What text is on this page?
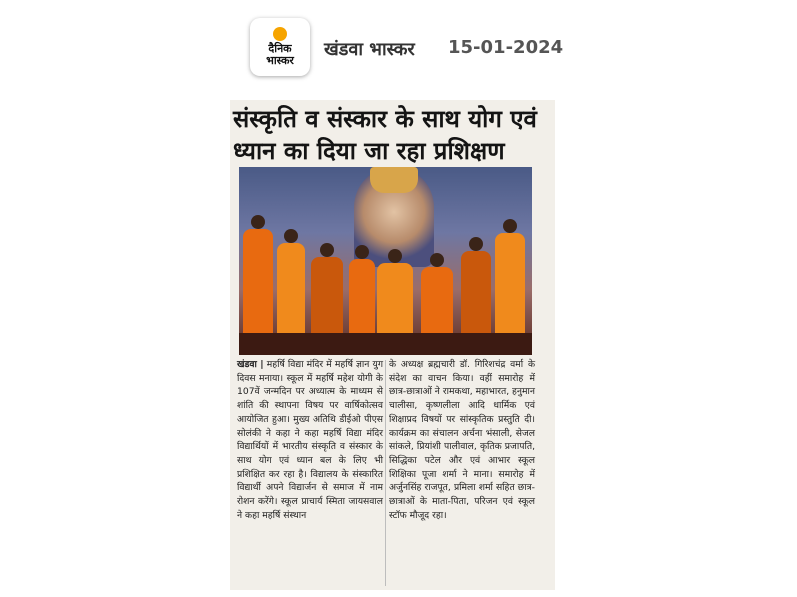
दैनिक
भास्कर
खंडवा भास्कर 15-01-2024
संस्कृति व संस्कार के साथ योग एवं ध्यान का दिया जा रहा प्रशिक्षण
खंडवा | महर्षि विद्या मंदिर में महर्षि ज्ञान युग दिवस मनाया। स्कूल में महर्षि महेश योगी के 107वें जन्मदिन पर अध्यात्म के माध्यम से शांति की स्थापना विषय पर वार्षिकोत्सव आयोजित हुआ। मुख्य अतिथि डीईओ पीएस सोलंकी ने कहा ने कहा महर्षि विद्या मंदिर विद्यार्थियों में भारतीय संस्कृति व संस्कार के साथ योग एवं ध्यान बल के लिए भी प्रशिक्षित कर रहा है। विद्यालय के संस्कारित विद्यार्थी अपने विद्यार्जन से समाज में नाम रोशन करेंगे। स्कूल प्राचार्य स्मिता जायसवाल ने कहा महर्षि संस्थान
के अध्यक्ष ब्रह्मचारी डॉ. गिरिशचंद्र वर्मा के संदेश का वाचन किया। वहीं समारोह में छात्र-छात्राओं ने रामकथा, महाभारत, हनुमान चालीसा, कृष्णलीला आदि धार्मिक एवं शिक्षाप्रद विषयों पर सांस्कृतिक प्रस्तुति दी। कार्यक्रम का संचालन अर्चना भंसाली, सेजल सांकले, प्रियांशी पालीवाल, कृतिक प्रजापति, सिद्धिका पटेल और एवं आभार स्कूल शिक्षिका पूजा शर्मा ने माना। समारोह में अर्जुनसिंह राजपूत, प्रमिला शर्मा सहित छात्र-छात्राओं के माता-पिता, परिजन एवं स्कूल स्टॉफ मौजूद रहा।
